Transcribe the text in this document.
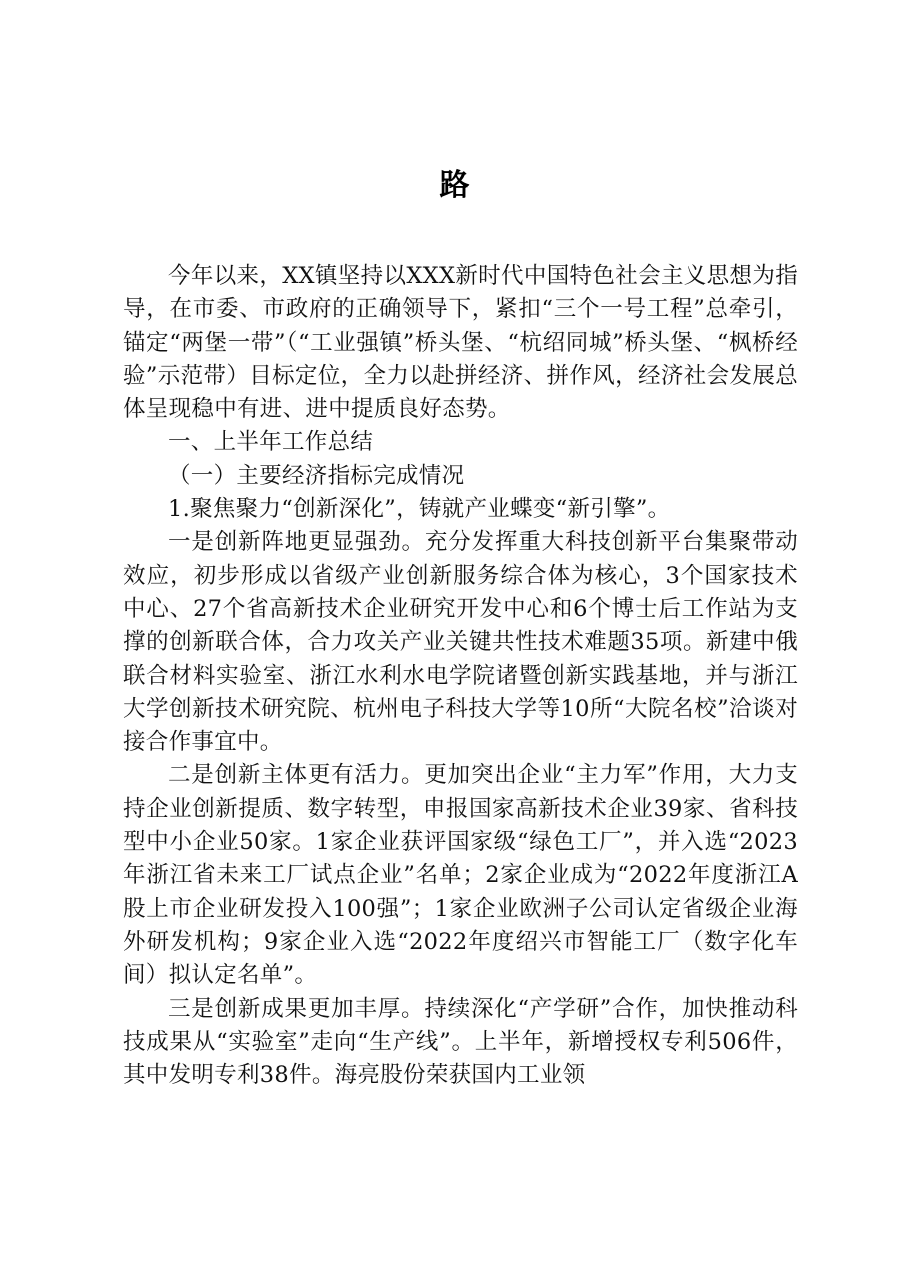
路

今年以来，XX镇坚持以XXX新时代中国特色社会主义思想为指导，在市委、市政府的正确领导下，紧扣“三个一号工程”总牵引，锚定“两堡一带”（“工业强镇”桥头堡、“杭绍同城”桥头堡、“枫桥经验”示范带）目标定位，全力以赴拼经济、拼作风，经济社会发展总体呈现稳中有进、进中提质良好态势。

一、上半年工作总结

（一）主要经济指标完成情况

1.聚焦聚力“创新深化”，铸就产业蝶变“新引擎”。

一是创新阵地更显强劲。充分发挥重大科技创新平台集聚带动效应，初步形成以省级产业创新服务综合体为核心，3个国家技术中心、27个省高新技术企业研究开发中心和6个博士后工作站为支撑的创新联合体，合力攻关产业关键共性技术难题35项。新建中俄联合材料实验室、浙江水利水电学院诸暨创新实践基地，并与浙江大学创新技术研究院、杭州电子科技大学等10所“大院名校”洽谈对接合作事宜中。

二是创新主体更有活力。更加突出企业“主力军”作用，大力支持企业创新提质、数字转型，申报国家高新技术企业39家、省科技型中小企业50家。1家企业获评国家级“绿色工厂”，并入选“2023年浙江省未来工厂试点企业”名单；2家企业成为“2022年度浙江A股上市企业研发投入100强”；1家企业欧洲子公司认定省级企业海外研发机构；9家企业入选“2022年度绍兴市智能工厂（数字化车间）拟认定名单”。

三是创新成果更加丰厚。持续深化“产学研”合作，加快推动科技成果从“实验室”走向“生产线”。上半年，新增授权专利506件，其中发明专利38件。海亮股份荣获国内工业领
